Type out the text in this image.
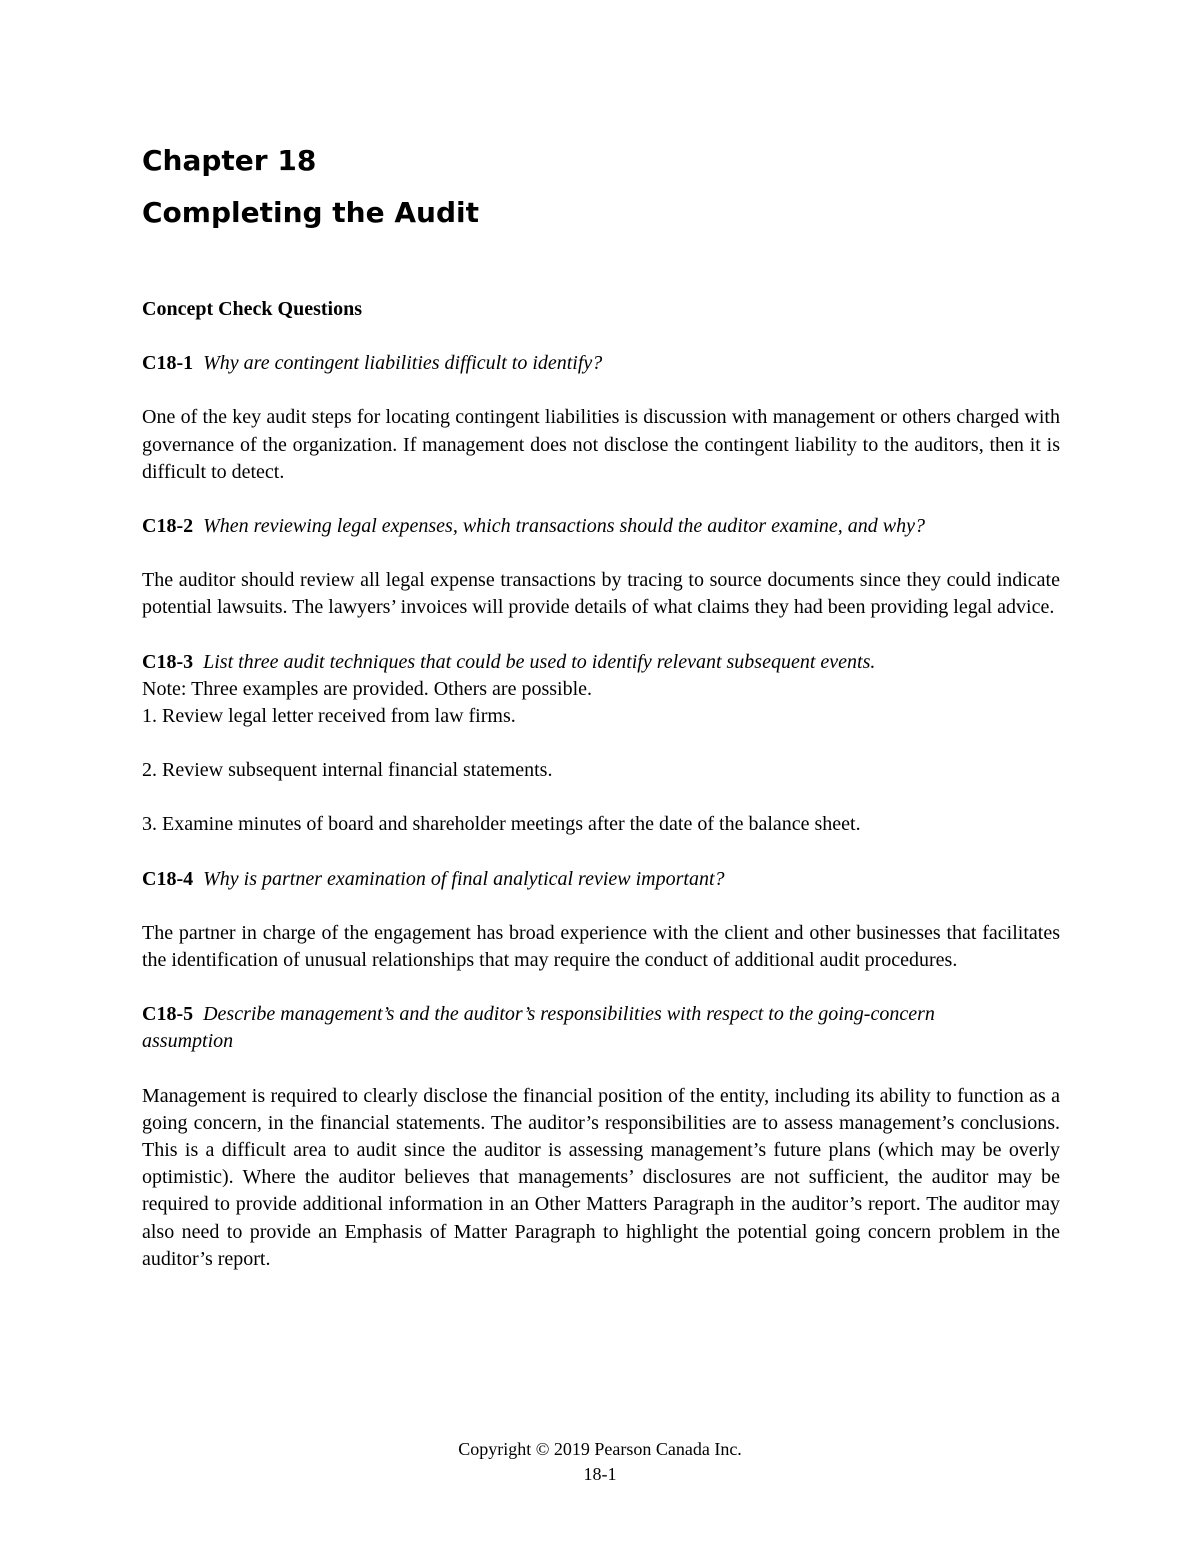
Chapter 18
Completing the Audit

Concept Check Questions

C18-1 Why are contingent liabilities difficult to identify?

One of the key audit steps for locating contingent liabilities is discussion with management or others charged with governance of the organization. If management does not disclose the contingent liability to the auditors, then it is difficult to detect.

C18-2 When reviewing legal expenses, which transactions should the auditor examine, and why?

The auditor should review all legal expense transactions by tracing to source documents since they could indicate potential lawsuits. The lawyers’ invoices will provide details of what claims they had been providing legal advice.

C18-3 List three audit techniques that could be used to identify relevant subsequent events.

Note: Three examples are provided. Others are possible.

1. Review legal letter received from law firms.

2. Review subsequent internal financial statements.

3. Examine minutes of board and shareholder meetings after the date of the balance sheet.

C18-4 Why is partner examination of final analytical review important?

The partner in charge of the engagement has broad experience with the client and other businesses that facilitates the identification of unusual relationships that may require the conduct of additional audit procedures.

C18-5 Describe management’s and the auditor’s responsibilities with respect to the going-concern assumption

Management is required to clearly disclose the financial position of the entity, including its ability to function as a going concern, in the financial statements. The auditor’s responsibilities are to assess management’s conclusions. This is a difficult area to audit since the auditor is assessing management’s future plans (which may be overly optimistic). Where the auditor believes that managements’ disclosures are not sufficient, the auditor may be required to provide additional information in an Other Matters Paragraph in the auditor’s report. The auditor may also need to provide an Emphasis of Matter Paragraph to highlight the potential going concern problem in the auditor’s report.

Copyright © 2019 Pearson Canada Inc.
18-1
